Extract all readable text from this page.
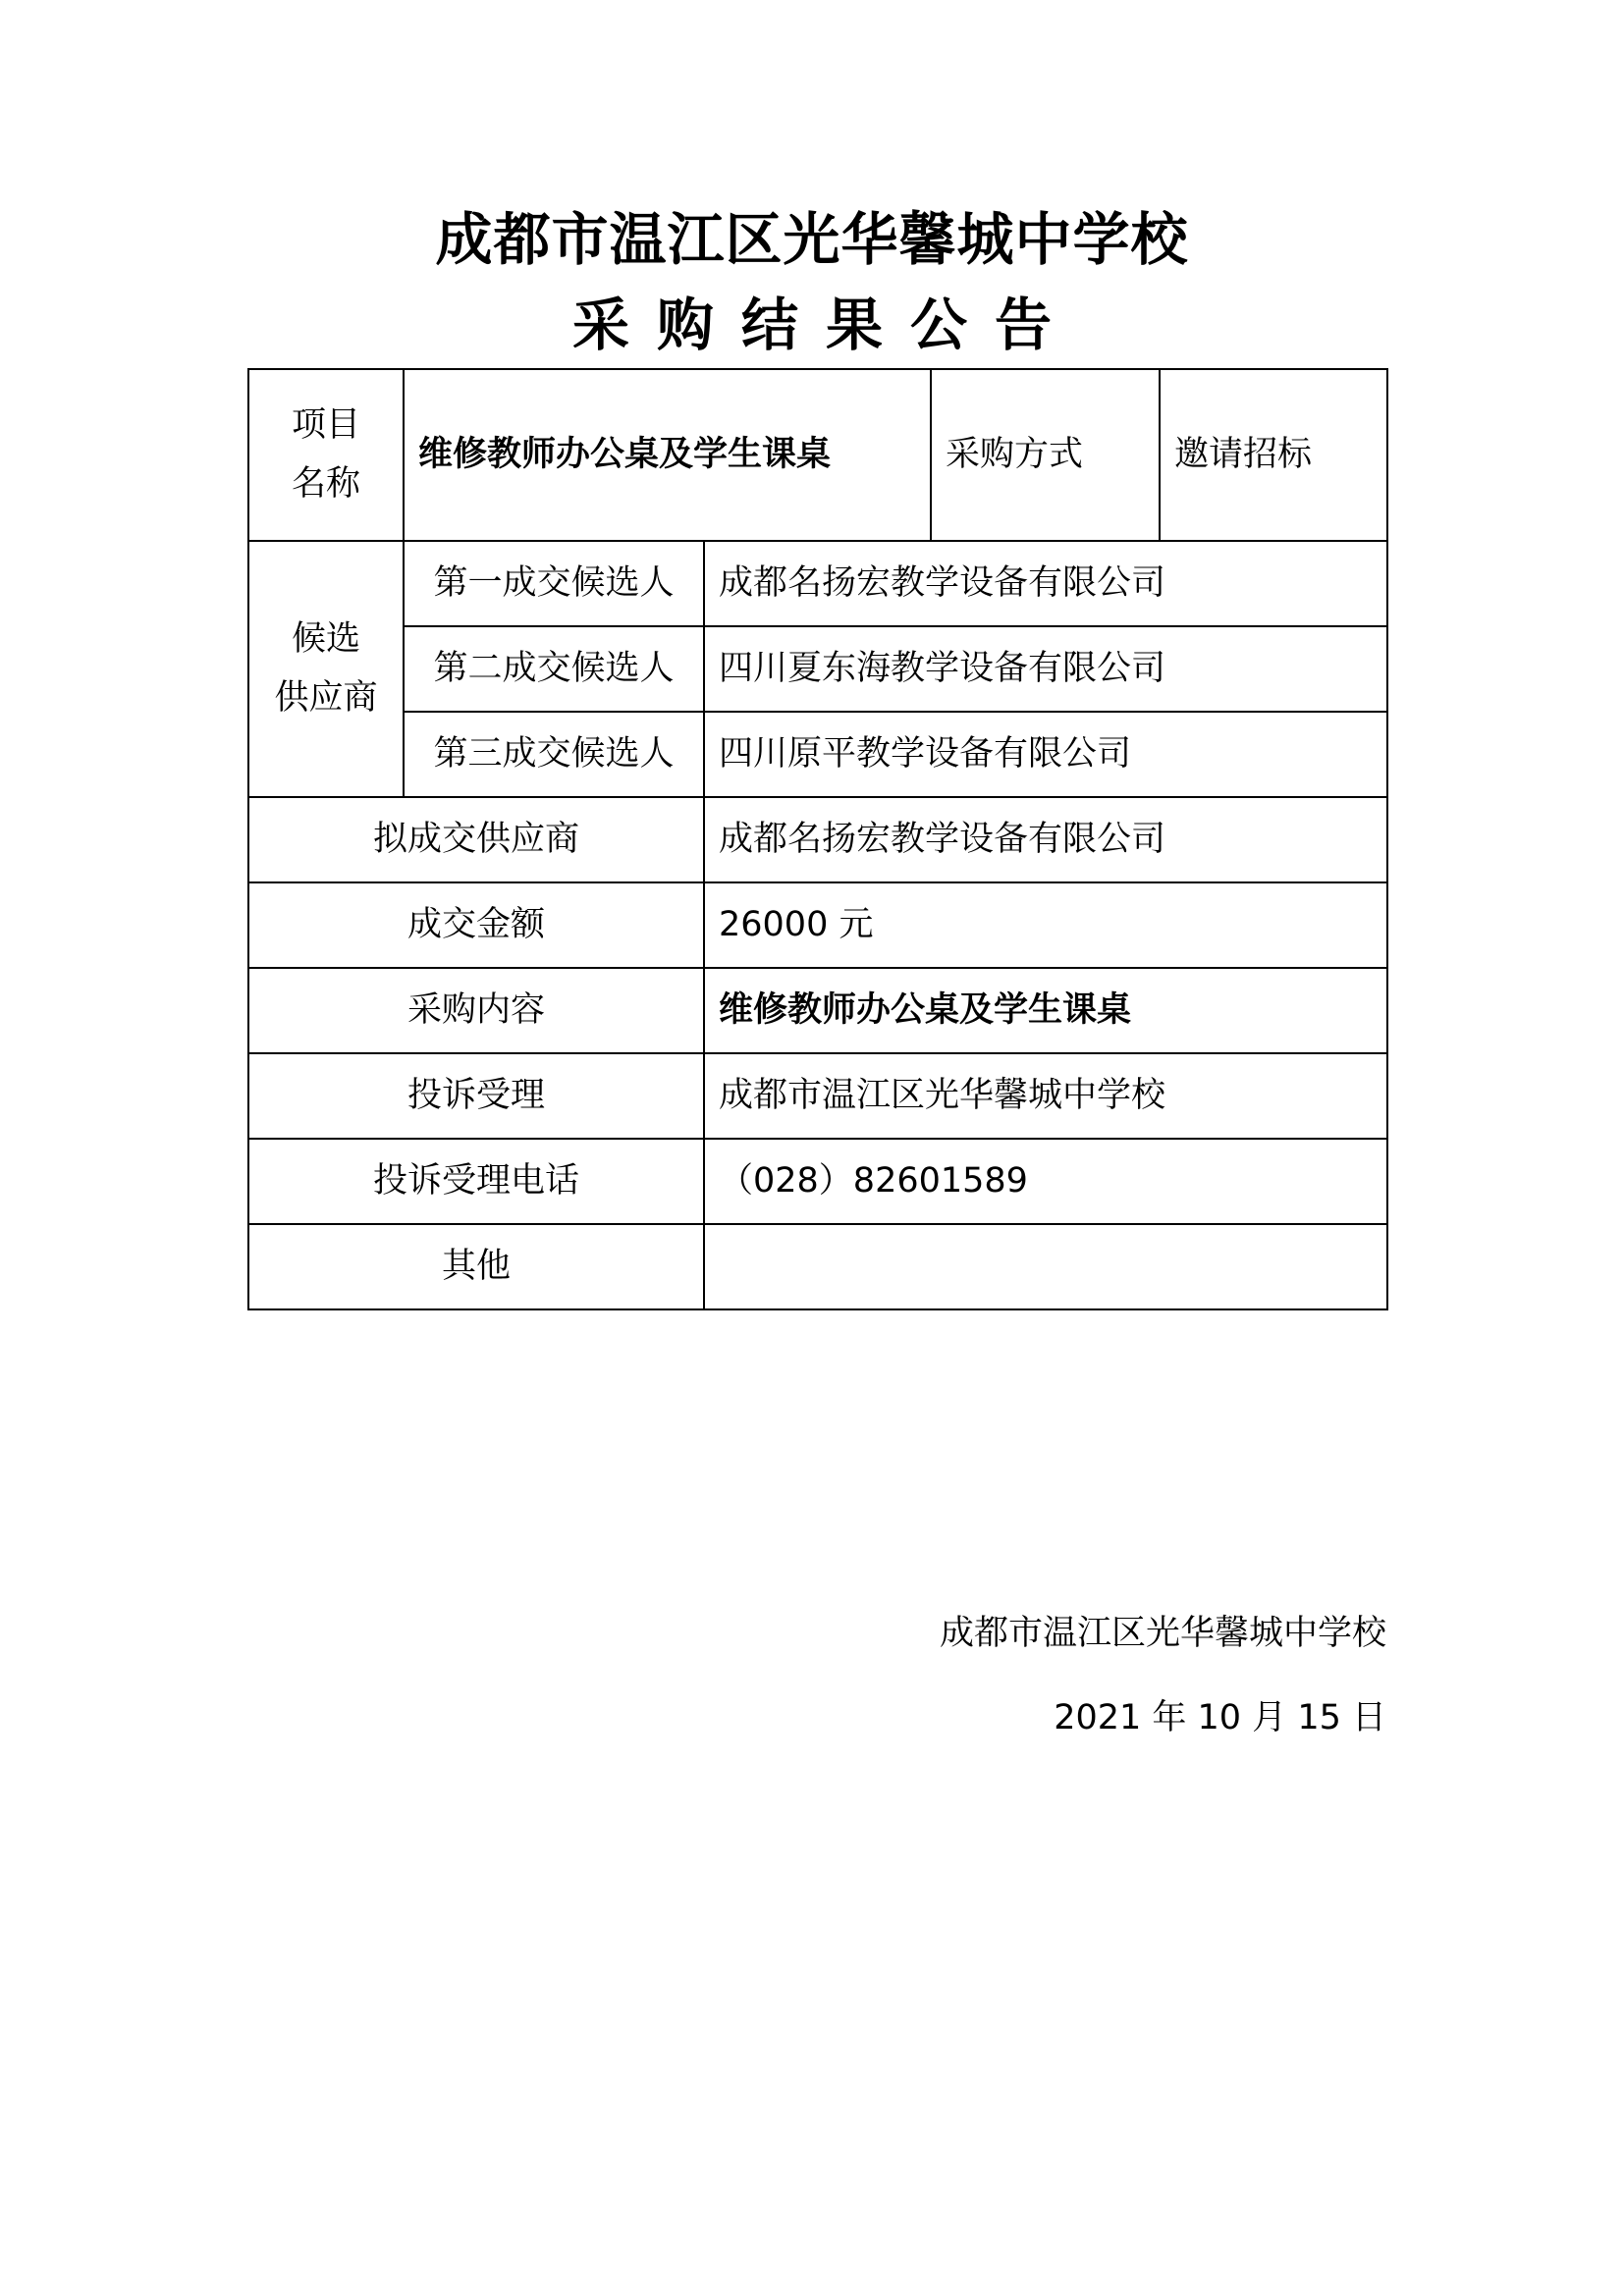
成都市温江区光华馨城中学校
采购结果公告
项目
名称	维修教师办公桌及学生课桌		采购方式	邀请招标

候选
供应商	第一成交候选人	成都名扬宏教学设备有限公司		
	第二成交候选人	四川夏东海教学设备有限公司		
	第三成交候选人	四川原平教学设备有限公司		
拟成交供应商		成都名扬宏教学设备有限公司		
成交金额		26000 元		
采购内容		维修教师办公桌及学生课桌		
投诉受理		成都市温江区光华馨城中学校		
投诉受理电话		（028）82601589		
其他				
成都市温江区光华馨城中学校
2021 年 10 月 15 日
